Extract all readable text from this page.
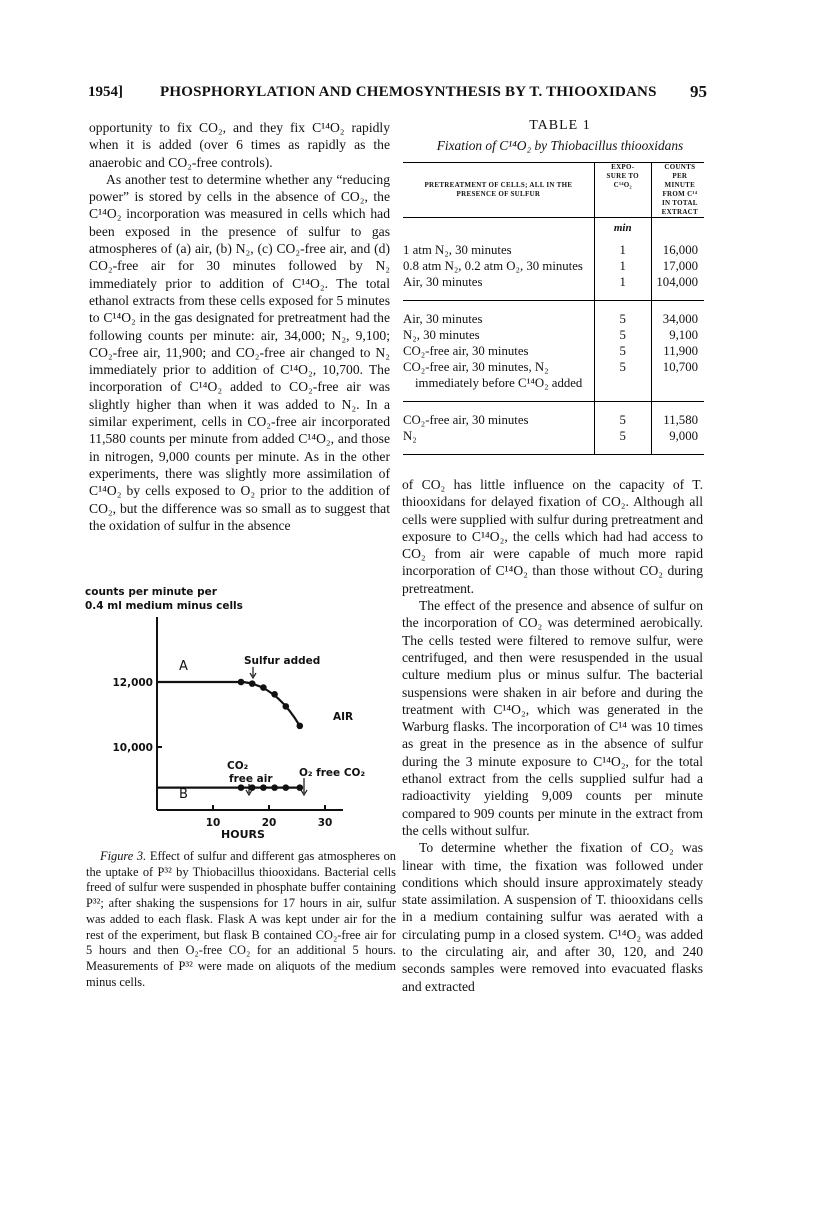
1954] PHOSPHORYLATION AND CHEMOSYNTHESIS BY T. THIOOXIDANS 95

opportunity to fix CO₂, and they fix C¹⁴O₂ rapidly when it is added (over 6 times as rapidly as the anaerobic and CO₂-free controls).

As another test to determine whether any “reducing power” is stored by cells in the absence of CO₂, the C¹⁴O₂ incorporation was measured in cells which had been exposed in the presence of sulfur to gas atmospheres of (a) air, (b) N₂, (c) CO₂-free air, and (d) CO₂-free air for 30 minutes followed by N₂ immediately prior to addition of C¹⁴O₂. The total ethanol extracts from these cells exposed for 5 minutes to C¹⁴O₂ in the gas designated for pretreatment had the following counts per minute: air, 34,000; N₂, 9,100; CO₂-free air, 11,900; and CO₂-free air changed to N₂ immediately prior to addition of C¹⁴O₂, 10,700. The incorporation of C¹⁴O₂ added to CO₂-free air was slightly higher than when it was added to N₂. In a similar experiment, cells in CO₂-free air incorporated 11,580 counts per minute from added C¹⁴O₂, and those in nitrogen, 9,000 counts per minute. As in the other experiments, there was slightly more assimilation of C¹⁴O₂ by cells exposed to O₂ prior to the addition of CO₂, but the difference was so small as to suggest that the oxidation of sulfur in the absence

counts per minute per
0.4 ml medium minus cells
10,000
12,000
10	20	30
HOURS
A
B
Sulfur added
AIR
CO₂
free air	O₂ free CO₂
Figure 3. Effect of sulfur and different gas atmospheres on the uptake of P³² by Thiobacillus thiooxidans. Bacterial cells freed of sulfur were suspended in phosphate buffer containing P³²; after shaking the suspensions for 17 hours in air, sulfur was added to each flask. Flask A was kept under air for the rest of the experiment, but flask B contained CO₂-free air for 5 hours and then O₂-free CO₂ for an additional 5 hours. Measurements of P³² were made on aliquots of the medium minus cells.
TABLE 1
Fixation of C¹⁴O₂ by Thiobacillus thiooxidans
PRETREATMENT OF CELLS; ALL IN THE PRESENCE OF SULFUR	EXPO-SURE TO C¹⁴O₂	COUNTS PER MINUTE FROM C¹⁴ IN TOTAL EXTRACT
	min	
1 atm N₂, 30 minutes	1	16,000
0.8 atm N₂, 0.2 atm O₂, 30 minutes	1	17,000
Air, 30 minutes	1	104,000
Air, 30 minutes	5	34,000
N₂, 30 minutes	5	9,100
CO₂-free air, 30 minutes	5	11,900
CO₂-free air, 30 minutes, N₂ immediately before C¹⁴O₂ added	5	10,700
CO₂-free air, 30 minutes	5	11,580
N₂	5	9,000

of CO₂ has little influence on the capacity of T. thiooxidans for delayed fixation of CO₂. Although all cells were supplied with sulfur during pretreatment and exposure to C¹⁴O₂, the cells which had had access to CO₂ from air were capable of much more rapid incorporation of C¹⁴O₂ than those without CO₂ during pretreatment.

The effect of the presence and absence of sulfur on the incorporation of CO₂ was determined aerobically. The cells tested were filtered to remove sulfur, were centrifuged, and then were resuspended in the usual culture medium plus or minus sulfur. The bacterial suspensions were shaken in air before and during the treatment with C¹⁴O₂, which was generated in the Warburg flasks. The incorporation of C¹⁴ was 10 times as great in the presence as in the absence of sulfur during the 3 minute exposure to C¹⁴O₂, for the total ethanol extract from the cells supplied sulfur had a radioactivity yielding 9,009 counts per minute compared to 909 counts per minute in the extract from the cells without sulfur.

To determine whether the fixation of CO₂ was linear with time, the fixation was followed under conditions which should insure approximately steady state assimilation. A suspension of T. thiooxidans cells in a medium containing sulfur was aerated with a circulating pump in a closed system. C¹⁴O₂ was added to the circulating air, and after 30, 120, and 240 seconds samples were removed into evacuated flasks and extracted
